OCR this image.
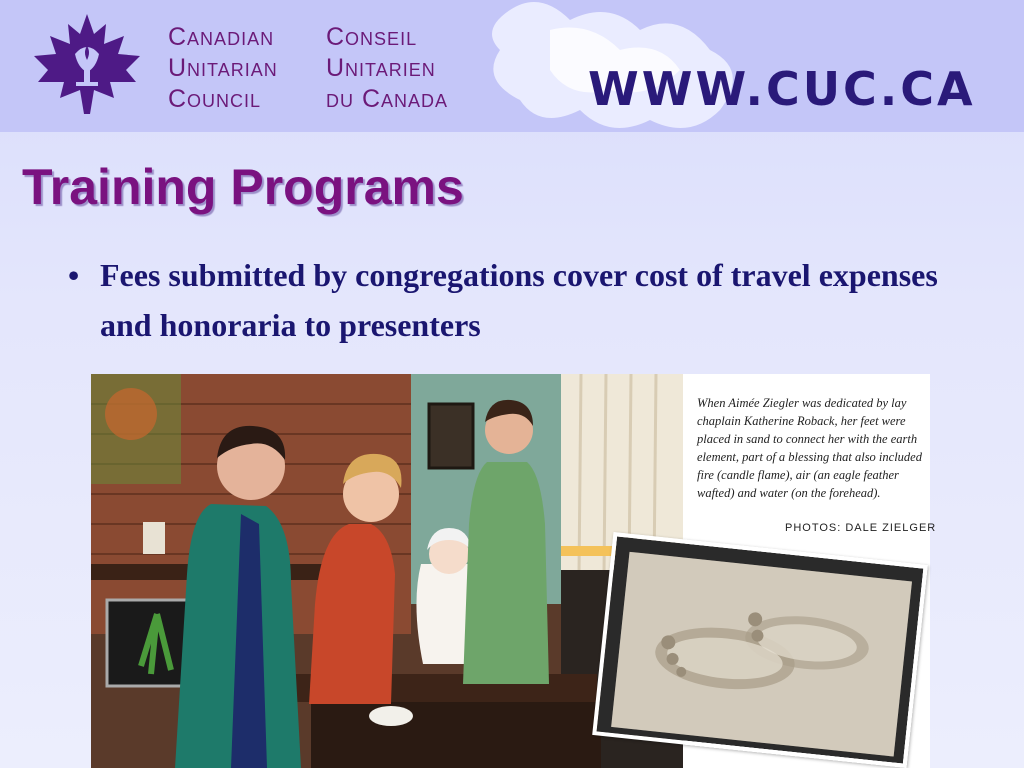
Canadian
Unitarian
Council
Conseil
Unitarien
du Canada	WWW.CUC.CA
Training Programs
• Fees submitted by congregations cover cost of travel expenses and honoraria to presenters
When Aimée Ziegler was dedicated by lay chaplain Katherine Roback, her feet were placed in sand to connect her with the earth element, part of a blessing that also included fire (candle flame), air (an eagle feather wafted) and water (on the forehead).
PHOTOS: DALE ZIELGER
